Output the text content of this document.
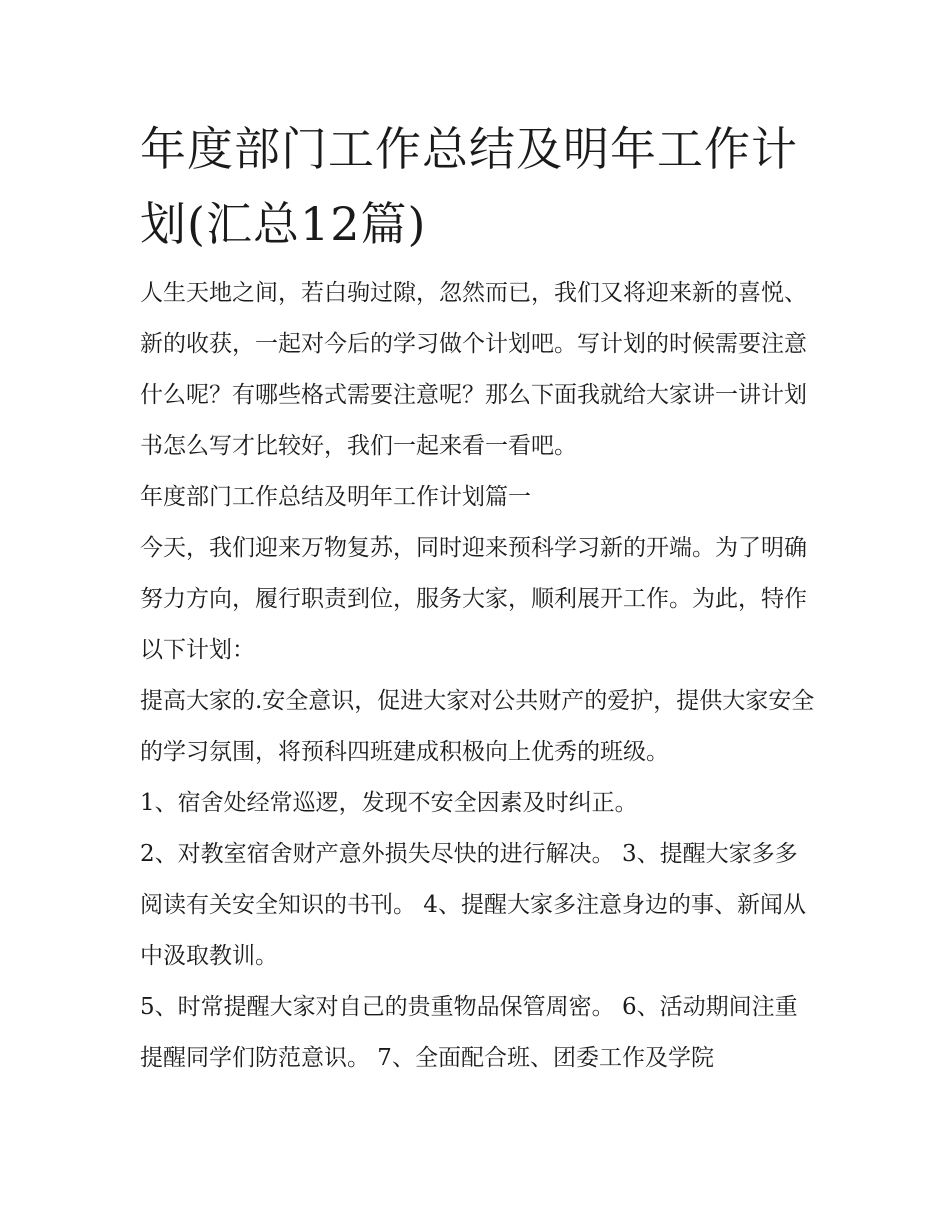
年度部门工作总结及明年工作计划(汇总12篇)

人生天地之间，若白驹过隙，忽然而已，我们又将迎来新的喜悦、新的收获，一起对今后的学习做个计划吧。写计划的时候需要注意什么呢？有哪些格式需要注意呢？那么下面我就给大家讲一讲计划书怎么写才比较好，我们一起来看一看吧。

年度部门工作总结及明年工作计划篇一

今天，我们迎来万物复苏，同时迎来预科学习新的开端。为了明确努力方向，履行职责到位，服务大家，顺利展开工作。为此，特作以下计划：

提高大家的.安全意识，促进大家对公共财产的爱护，提供大家安全的学习氛围，将预科四班建成积极向上优秀的班级。

1、宿舍处经常巡逻，发现不安全因素及时纠正。

2、对教室宿舍财产意外损失尽快的进行解决。 3、提醒大家多多阅读有关安全知识的书刊。 4、提醒大家多注意身边的事、新闻从中汲取教训。

5、时常提醒大家对自己的贵重物品保管周密。 6、活动期间注重提醒同学们防范意识。 7、全面配合班、团委工作及学院
